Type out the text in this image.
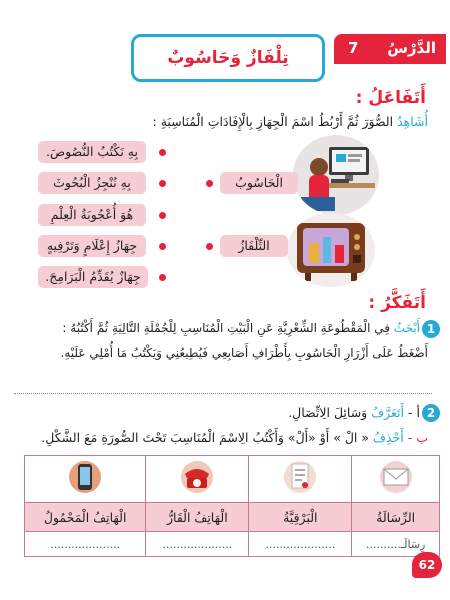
الدَّرْسُ
7
تِلْفَازٌ وَحَاسُوبٌ
أَتَفَاعَلُ :
أُشَاهِدُ الصُّوَرَ ثُمَّ أَرْبُطُ اسْمَ الْجِهَازِ بِالْإِفَادَاتِ الْمُنَاسِبَةِ :
الْحَاسُوبُ
التِّلْفَازُ
بِهِ نَكْتُبُ النُّصُوصَ.
بِهِ نُنْجِزُ الْبُحُوثَ
هُوَ أُعْجُوبَةُ الْعِلْمِ
جِهَازُ إِعْلَامٍ وَتَرْفِيهٍ
جِهَازٌ يُقَدِّمُ الْبَرَامِجَ.
أَتَفَكَّرُ :
1
أَبْحَثُ فِي الْمَقْطُوعَةِ الشِّعْرِيَّةِ عَنِ الْبَيْتِ الْمُنَاسِبِ لِلْجُمْلَةِ التَّالِيَةِ ثُمَّ أَكْتُبُهُ :
أَضْغَطُ عَلَى أَزْرَارِ الْحَاسُوبِ بِأَطْرَافِ أَصَابِعِي فَيُطِيعُنِي وَيَكْتُبُ مَا أُمْلِي عَلَيْهِ.
2
أ - أَتَعَرَّفُ وَسَائِلَ الِاتِّصَالِ.
ب - أَحْذِفُ « الْ » أَوْ «أَلْ» وَأَكْتُبُ الِاسْمَ الْمُنَاسِبَ تَحْتَ الصُّورَةِ مَعَ الشَّكْلِ.

الْهَاتِفُ الْمَحْمُولُ	الْهَاتِفُ الْقَارُّ	الْبَرْقِيَّةُ	الرِّسَالَةُ
....................	....................	....................	رِسَالَـ..........
62
